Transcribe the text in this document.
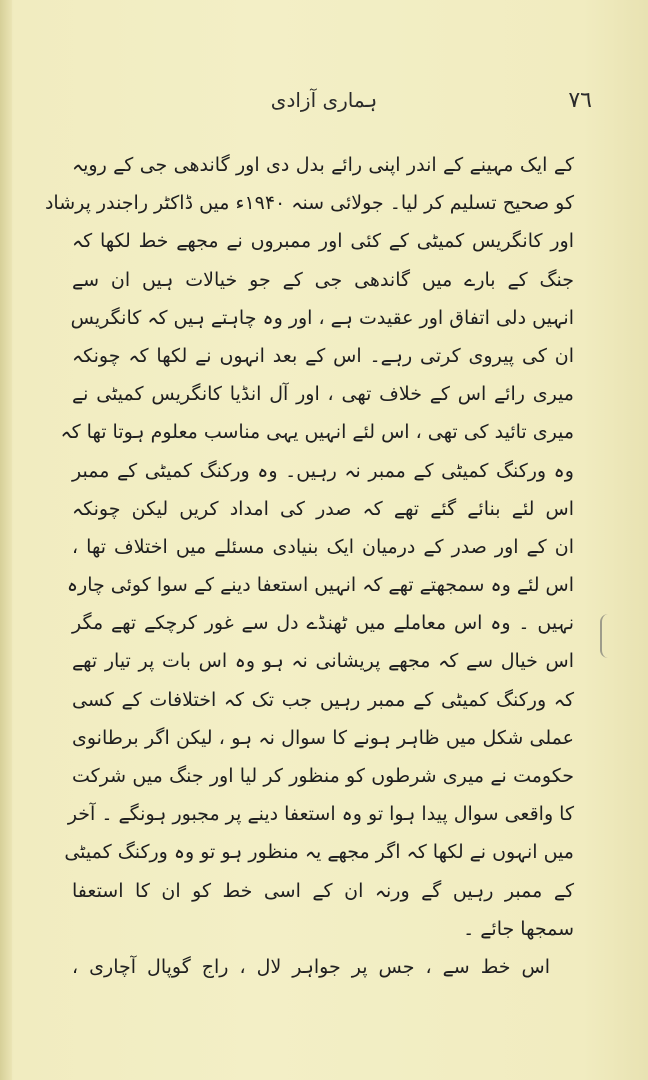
٧٦
ہماری آزادی
کے ایک مہینے کے اندر اپنی رائے بدل دی اور گاندھی جی کے رویہ
کو صحیح تسلیم کر لیا۔ جولائی سنہ ۱۹۴۰ء میں ڈاکٹر راجندر پرشاد
اور کانگریس کمیٹی کے کئی اور ممبروں نے مجھے خط لکھا کہ
جنگ کے بارے میں گاندھی جی کے جو خیالات ہیں ان سے
انہیں دلی اتفاق اور عقیدت ہے ، اور وہ چاہتے ہیں کہ کانگریس
ان کی پیروی کرتی رہے۔ اس کے بعد انہوں نے لکھا کہ چونکہ
میری رائے اس کے خلاف تھی ، اور آل انڈیا کانگریس کمیٹی نے
میری تائید کی تھی ، اس لئے انہیں یہی مناسب معلوم ہوتا تھا کہ
وہ ورکنگ کمیٹی کے ممبر نہ رہیں۔ وہ ورکنگ کمیٹی کے ممبر
اس لئے بنائے گئے تھے کہ صدر کی امداد کریں لیکن چونکہ
ان کے اور صدر کے درمیان ایک بنیادی مسئلے میں اختلاف تھا ،
اس لئے وہ سمجھتے تھے کہ انہیں استعفا دینے کے سوا کوئی چارہ
نہیں ۔ وہ اس معاملے میں ٹھنڈے دل سے غور کرچکے تھے مگر
اس خیال سے کہ مجھے پریشانی نہ ہو وہ اس بات پر تیار تھے
کہ ورکنگ کمیٹی کے ممبر رہیں جب تک کہ اختلافات کے کسی
عملی شکل میں ظاہر ہونے کا سوال نہ ہو ، لیکن اگر برطانوی
حکومت نے میری شرطوں کو منظور کر لیا اور جنگ میں شرکت
کا واقعی سوال پیدا ہوا تو وہ استعفا دینے پر مجبور ہونگے ۔ آخر
میں انہوں نے لکھا کہ اگر مجھے یہ منظور ہو تو وہ ورکنگ کمیٹی
کے ممبر رہیں گے ورنہ ان کے اسی خط کو ان کا استعفا
سمجھا جائے ۔
اس خط سے ، جس پر جواہر لال ، راج گوپال آچاری ،
